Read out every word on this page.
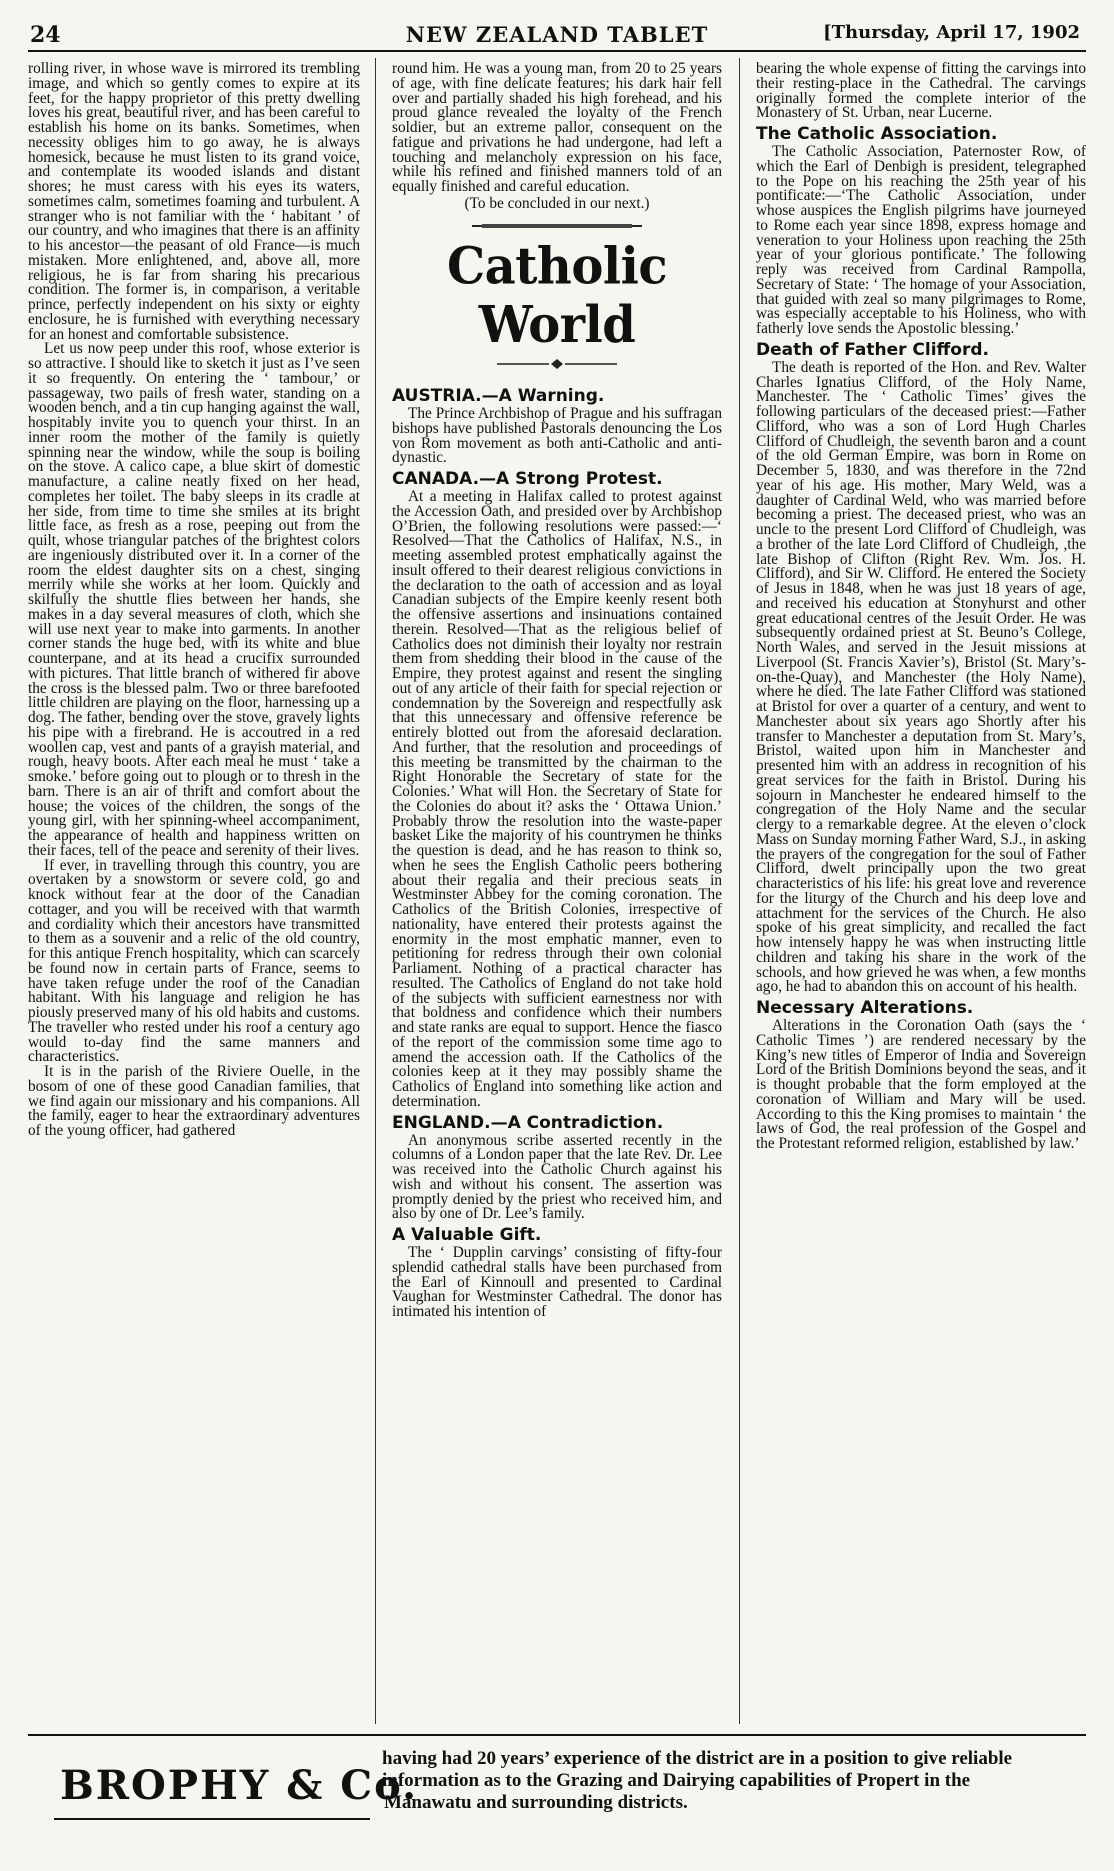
24	NEW ZEALAND TABLET	[Thursday, April 17, 1902

rolling river, in whose wave is mirrored its trembling image, and which so gently comes to expire at its feet, for the happy proprietor of this pretty dwelling loves his great, beautiful river, and has been careful to establish his home on its banks. Sometimes, when necessity obliges him to go away, he is always homesick, because he must listen to its grand voice, and contemplate its wooded islands and distant shores; he must caress with his eyes its waters, sometimes calm, sometimes foaming and turbulent. A stranger who is not familiar with the ‘ habitant ’ of our country, and who imagines that there is an affinity to his ancestor—the peasant of old France—is much mistaken. More enlightened, and, above all, more religious, he is far from sharing his precarious condition. The former is, in comparison, a veritable prince, perfectly independent on his sixty or eighty enclosure, he is furnished with everything necessary for an honest and comfortable subsistence.

Let us now peep under this roof, whose exterior is so attractive. I should like to sketch it just as I’ve seen it so frequently. On entering the ‘ tambour,’ or passageway, two pails of fresh water, standing on a wooden bench, and a tin cup hanging against the wall, hospitably invite you to quench your thirst. In an inner room the mother of the family is quietly spinning near the window, while the soup is boiling on the stove. A calico cape, a blue skirt of domestic manufacture, a caline neatly fixed on her head, completes her toilet. The baby sleeps in its cradle at her side, from time to time she smiles at its bright little face, as fresh as a rose, peeping out from the quilt, whose triangular patches of the brightest colors are ingeniously distributed over it. In a corner of the room the eldest daughter sits on a chest, singing merrily while she works at her loom. Quickly and skilfully the shuttle flies between her hands, she makes in a day several measures of cloth, which she will use next year to make into garments. In another corner stands the huge bed, with its white and blue counterpane, and at its head a crucifix surrounded with pictures. That little branch of withered fir above the cross is the blessed palm. Two or three barefooted little children are playing on the floor, harnessing up a dog. The father, bending over the stove, gravely lights his pipe with a firebrand. He is accoutred in a red woollen cap, vest and pants of a grayish material, and rough, heavy boots. After each meal he must ‘ take a smoke.’ before going out to plough or to thresh in the barn. There is an air of thrift and comfort about the house; the voices of the children, the songs of the young girl, with her spinning-wheel accompaniment, the appearance of health and happiness written on their faces, tell of the peace and serenity of their lives.

If ever, in travelling through this country, you are overtaken by a snowstorm or severe cold, go and knock without fear at the door of the Canadian cottager, and you will be received with that warmth and cordiality which their ancestors have transmitted to them as a souvenir and a relic of the old country, for this antique French hospitality, which can scarcely be found now in certain parts of France, seems to have taken refuge under the roof of the Canadian habitant. With his language and religion he has piously preserved many of his old habits and customs. The traveller who rested under his roof a century ago would to-day find the same manners and characteristics.

It is in the parish of the Riviere Ouelle, in the bosom of one of these good Canadian families, that we find again our missionary and his companions. All the family, eager to hear the extraordinary adventures of the young officer, had gathered

round him. He was a young man, from 20 to 25 years of age, with fine delicate features; his dark hair fell over and partially shaded his high forehead, and his proud glance revealed the loyalty of the French soldier, but an extreme pallor, consequent on the fatigue and privations he had undergone, had left a touching and melancholy expression on his face, while his refined and finished manners told of an equally finished and careful education.

(To be concluded in our next.)

Catholic World
AUSTRIA.—A Warning.

The Prince Archbishop of Prague and his suffragan bishops have published Pastorals denouncing the Los von Rom movement as both anti-Catholic and anti-dynastic.

CANADA.—A Strong Protest.

At a meeting in Halifax called to protest against the Accession Oath, and presided over by Archbishop O’Brien, the following resolutions were passed:—‘ Resolved—That the Catholics of Halifax, N.S., in meeting assembled protest emphatically against the insult offered to their dearest religious convictions in the declaration to the oath of accession and as loyal Canadian subjects of the Empire keenly resent both the offensive assertions and insinuations contained therein. Resolved—That as the religious belief of Catholics does not diminish their loyalty nor restrain them from shedding their blood in the cause of the Empire, they protest against and resent the singling out of any article of their faith for special rejection or condemnation by the Sovereign and respectfully ask that this unnecessary and offensive reference be entirely blotted out from the aforesaid declaration. And further, that the resolution and proceedings of this meeting be transmitted by the chairman to the Right Honorable the Secretary of state for the Colonies.’ What will Hon. the Secretary of State for the Colonies do about it? asks the ‘ Ottawa Union.’ Probably throw the resolution into the waste-paper basket Like the majority of his countrymen he thinks the question is dead, and he has reason to think so, when he sees the English Catholic peers bothering about their regalia and their precious seats in Westminster Abbey for the coming coronation. The Catholics of the British Colonies, irrespective of nationality, have entered their protests against the enormity in the most emphatic manner, even to petitioning for redress through their own colonial Parliament. Nothing of a practical character has resulted. The Catholics of England do not take hold of the subjects with sufficient earnestness nor with that boldness and confidence which their numbers and state ranks are equal to support. Hence the fiasco of the report of the commission some time ago to amend the accession oath. If the Catholics of the colonies keep at it they may possibly shame the Catholics of England into something like action and determination.

ENGLAND.—A Contradiction.

An anonymous scribe asserted recently in the columns of a London paper that the late Rev. Dr. Lee was received into the Catholic Church against his wish and without his consent. The assertion was promptly denied by the priest who received him, and also by one of Dr. Lee’s family.

A Valuable Gift.

The ‘ Dupplin carvings’ consisting of fifty-four splendid cathedral stalls have been purchased from the Earl of Kinnoull and presented to Cardinal Vaughan for Westminster Cathedral. The donor has intimated his intention of

bearing the whole expense of fitting the carvings into their resting-place in the Cathedral. The carvings originally formed the complete interior of the Monastery of St. Urban, near Lucerne.

The Catholic Association.

The Catholic Association, Paternoster Row, of which the Earl of Denbigh is president, telegraphed to the Pope on his reaching the 25th year of his pontificate:—‘The Catholic Association, under whose auspices the English pilgrims have journeyed to Rome each year since 1898, express homage and veneration to your Holiness upon reaching the 25th year of your glorious pontificate.’ The following reply was received from Cardinal Rampolla, Secretary of State: ‘ The homage of your Association, that guided with zeal so many pilgrimages to Rome, was especially acceptable to his Holiness, who with fatherly love sends the Apostolic blessing.’

Death of Father Clifford.

The death is reported of the Hon. and Rev. Walter Charles Ignatius Clifford, of the Holy Name, Manchester. The ‘ Catholic Times’ gives the following particulars of the deceased priest:—Father Clifford, who was a son of Lord Hugh Charles Clifford of Chudleigh, the seventh baron and a count of the old German Empire, was born in Rome on December 5, 1830, and was therefore in the 72nd year of his age. His mother, Mary Weld, was a daughter of Cardinal Weld, who was married before becoming a priest. The deceased priest, who was an uncle to the present Lord Clifford of Chudleigh, was a brother of the late Lord Clifford of Chudleigh, ,the late Bishop of Clifton (Right Rev. Wm. Jos. H. Clifford), and Sir W. Clifford. He entered the Society of Jesus in 1848, when he was just 18 years of age, and received his education at Stonyhurst and other great educational centres of the Jesuit Order. He was subsequently ordained priest at St. Beuno’s College, North Wales, and served in the Jesuit missions at Liverpool (St. Francis Xavier’s), Bristol (St. Mary’s-on-the-Quay), and Manchester (the Holy Name), where he died. The late Father Clifford was stationed at Bristol for over a quarter of a century, and went to Manchester about six years ago Shortly after his transfer to Manchester a deputation from St. Mary’s, Bristol, waited upon him in Manchester and presented him with an address in recognition of his great services for the faith in Bristol. During his sojourn in Manchester he endeared himself to the congregation of the Holy Name and the secular clergy to a remarkable degree. At the eleven o’clock Mass on Sunday morning Father Ward, S.J., in asking the prayers of the congregation for the soul of Father Clifford, dwelt principally upon the two great characteristics of his life: his great love and reverence for the liturgy of the Church and his deep love and attachment for the services of the Church. He also spoke of his great simplicity, and recalled the fact how intensely happy he was when instructing little children and taking his share in the work of the schools, and how grieved he was when, a few months ago, he had to abandon this on account of his health.

Necessary Alterations.

Alterations in the Coronation Oath (says the ‘ Catholic Times ’) are rendered necessary by the King’s new titles of Emperor of India and Sovereign Lord of the British Dominions beyond the seas, and it is thought probable that the form employed at the coronation of William and Mary will be used. According to this the King promises to maintain ‘ the laws of God, the real profession of the Gospel and the Protestant reformed religion, established by law.’

BROPHY & Co.
having had 20 years’ experience of the district are in a position to give reliable
information as to the Grazing and Dairying capabilities of Propert in the
Manawatu and surrounding districts.
